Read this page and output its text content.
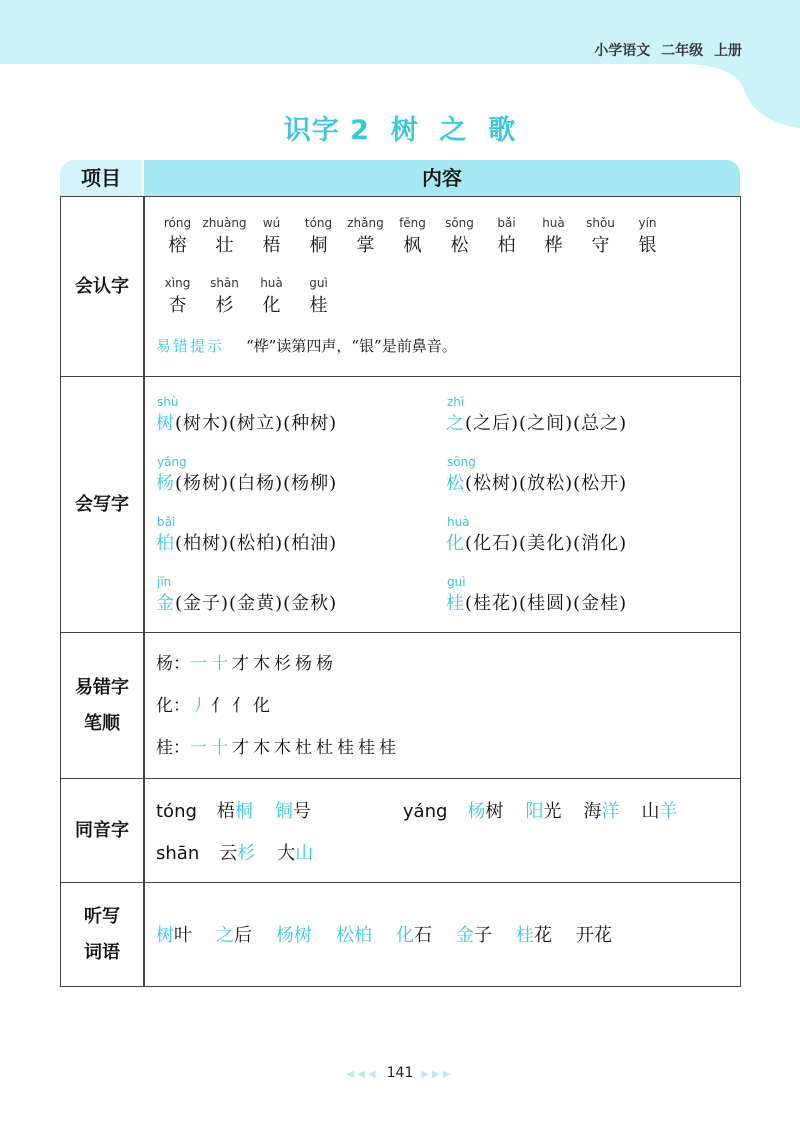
小学语文 二年级 上册
识字 2  树  之  歌
项目	内容
会认字
róng
榕
zhuàng
壮
wú
梧
tóng
桐
zhǎng
掌
fēng
枫
sōng
松
bǎi
柏
huà
桦
shǒu
守
yín
银
xìng
杏
shān
杉
huà
化
guì
桂
易错提示 “桦”读第四声，“银”是前鼻音。
会写字
shù
树(树木)(树立)(种树)
zhī
之(之后)(之间)(总之)
yáng
杨(杨树)(白杨)(杨柳)
sōng
松(松树)(放松)(松开)
bǎi
柏(柏树)(松柏)(柏油)
huà
化(化石)(美化)(消化)
jīn
金(金子)(金黄)(金秋)
guì
桂(桂花)(桂圆)(金桂)
易错字
笔顺
杨：一十才木杉杨杨
化：丿亻亻化
桂：一十才木木杜杜桂桂桂
同音字
tóng 梧桐 铜号	yáng 杨树 阳光 海洋 山羊
shān 云杉 大山
听写
词语
树叶 之后 杨树 松柏 化石 金子 桂花 开花
◀◀◀ 141 ▶▶▶
